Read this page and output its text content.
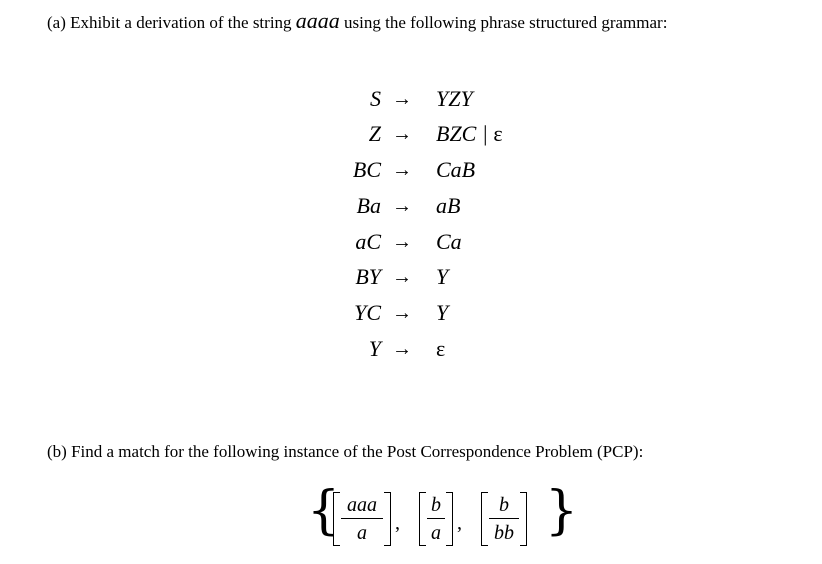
(a) Exhibit a derivation of the string aaaa using the following phrase structured grammar:
S → YZY
Z → BZC | ε
BC → CaB
Ba → aB
aC → Ca
BY → Y
YC → Y
Y → ε
(b) Find a match for the following instance of the Post Correspondence Problem (PCP):
{ aaa
a	,
b
a ,
b
bb }
